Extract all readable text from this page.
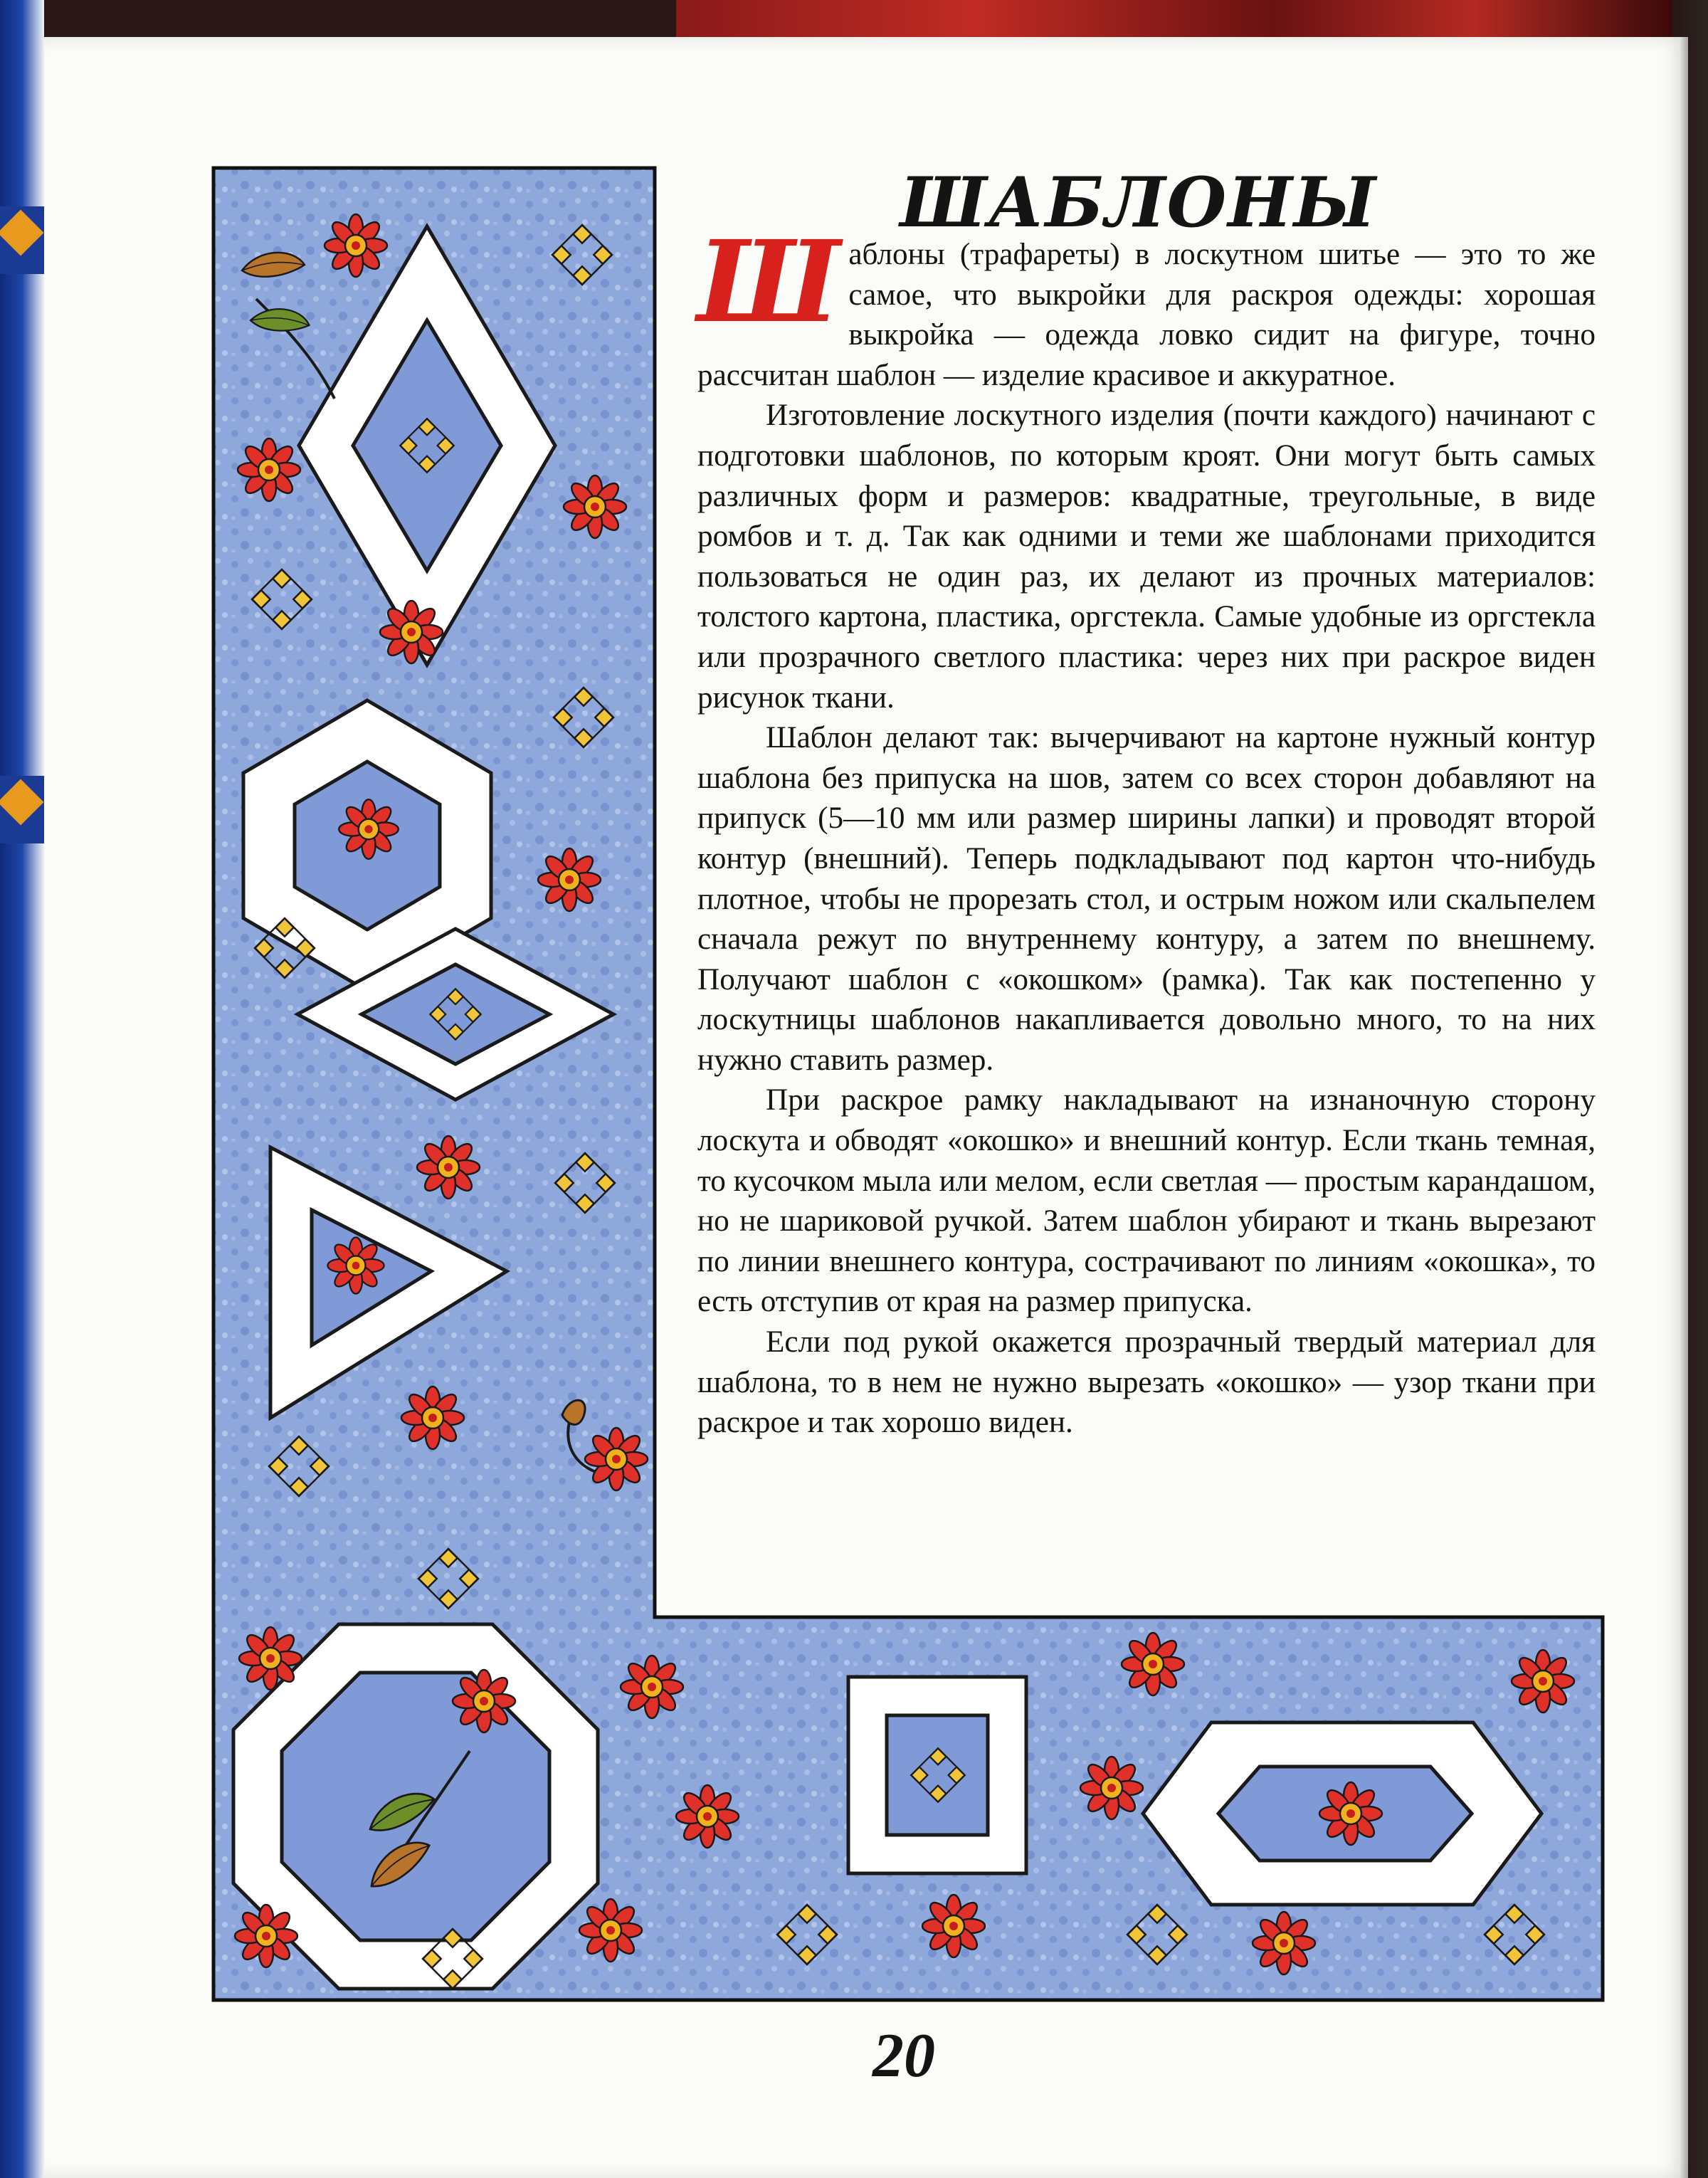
ШАБЛОНЫ

Шаблоны (трафареты) в лоскутном шитье — это то же самое, что выкройки для раскроя одежды: хорошая выкройка — одежда ловко сидит на фигуре, точно рассчитан шаблон — изделие красивое и аккуратное.

Изготовление лоскутного изделия (почти каждого) начинают с подготовки шаблонов, по которым кроят. Они могут быть самых различных форм и размеров: квадратные, треугольные, в виде ромбов и т. д. Так как одними и теми же шаблонами приходится пользоваться не один раз, их делают из прочных материалов: толстого картона, пластика, оргстекла. Самые удобные из оргстекла или прозрачного светлого пластика: через них при раскрое виден рисунок ткани.

Шаблон делают так: вычерчивают на картоне нужный контур шаблона без припуска на шов, затем со всех сторон добавляют на припуск (5—10 мм или размер ширины лапки) и проводят второй контур (внешний). Теперь подкладывают под картон что-нибудь плотное, чтобы не прорезать стол, и острым ножом или скальпелем сначала режут по внутреннему контуру, а затем по внешнему. Получают шаблон с «окошком» (рамка). Так как постепенно у лоскутницы шаблонов накапливается довольно много, то на них нужно ставить размер.

При раскрое рамку накладывают на изнаночную сторону лоскута и обводят «окошко» и внешний контур. Если ткань темная, то кусочком мыла или мелом, если светлая — простым карандашом, но не шариковой ручкой. Затем шаблон убирают и ткань вырезают по линии внешнего контура, сострачивают по линиям «окошка», то есть отступив от края на размер припуска.

Если под рукой окажется прозрачный твердый материал для шаблона, то в нем не нужно вырезать «окошко» — узор ткани при раскрое и так хорошо виден.

20
